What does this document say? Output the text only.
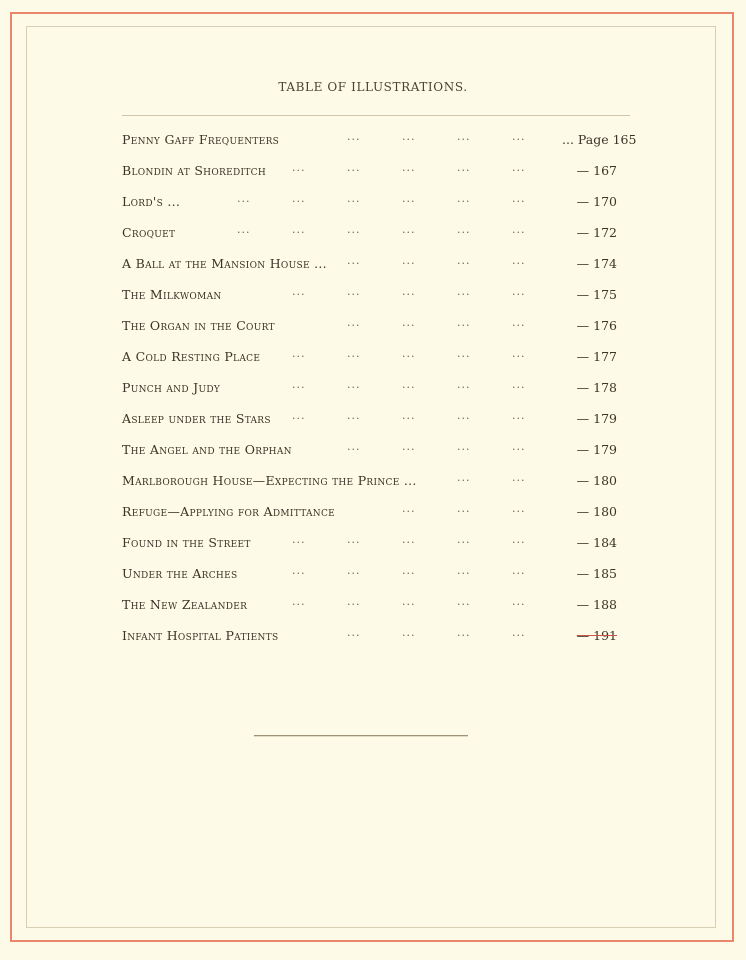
TABLE OF ILLUSTRATIONS.
Penny Gaff Frequenters	... Page 165
...	...	...	...
Blondin at Shoreditch	— 167
...	...	...	...	...
Lord's ...	— 170
...	...	...	...	...	...
Croquet	— 172
...	...	...	...	...	...
A Ball at the Mansion House ...	— 174
...	...	...	...
The Milkwoman	— 175
...	...	...	...	...
The Organ in the Court	— 176
...	...	...	...
A Cold Resting Place	— 177
...	...	...	...	...
Punch and Judy	— 178
...	...	...	...	...
Asleep under the Stars	— 179
...	...	...	...	...
The Angel and the Orphan	— 179
...	...	...	...
Marlborough House—Expecting the Prince ...	— 180
...	...
Refuge—Applying for Admittance	— 180
...	...	...
Found in the Street	— 184
...	...	...	...	...
Under the Arches	— 185
...	...	...	...	...
The New Zealander	— 188
...	...	...	...	...
Infant Hospital Patients	— 191
...	...	...	...
